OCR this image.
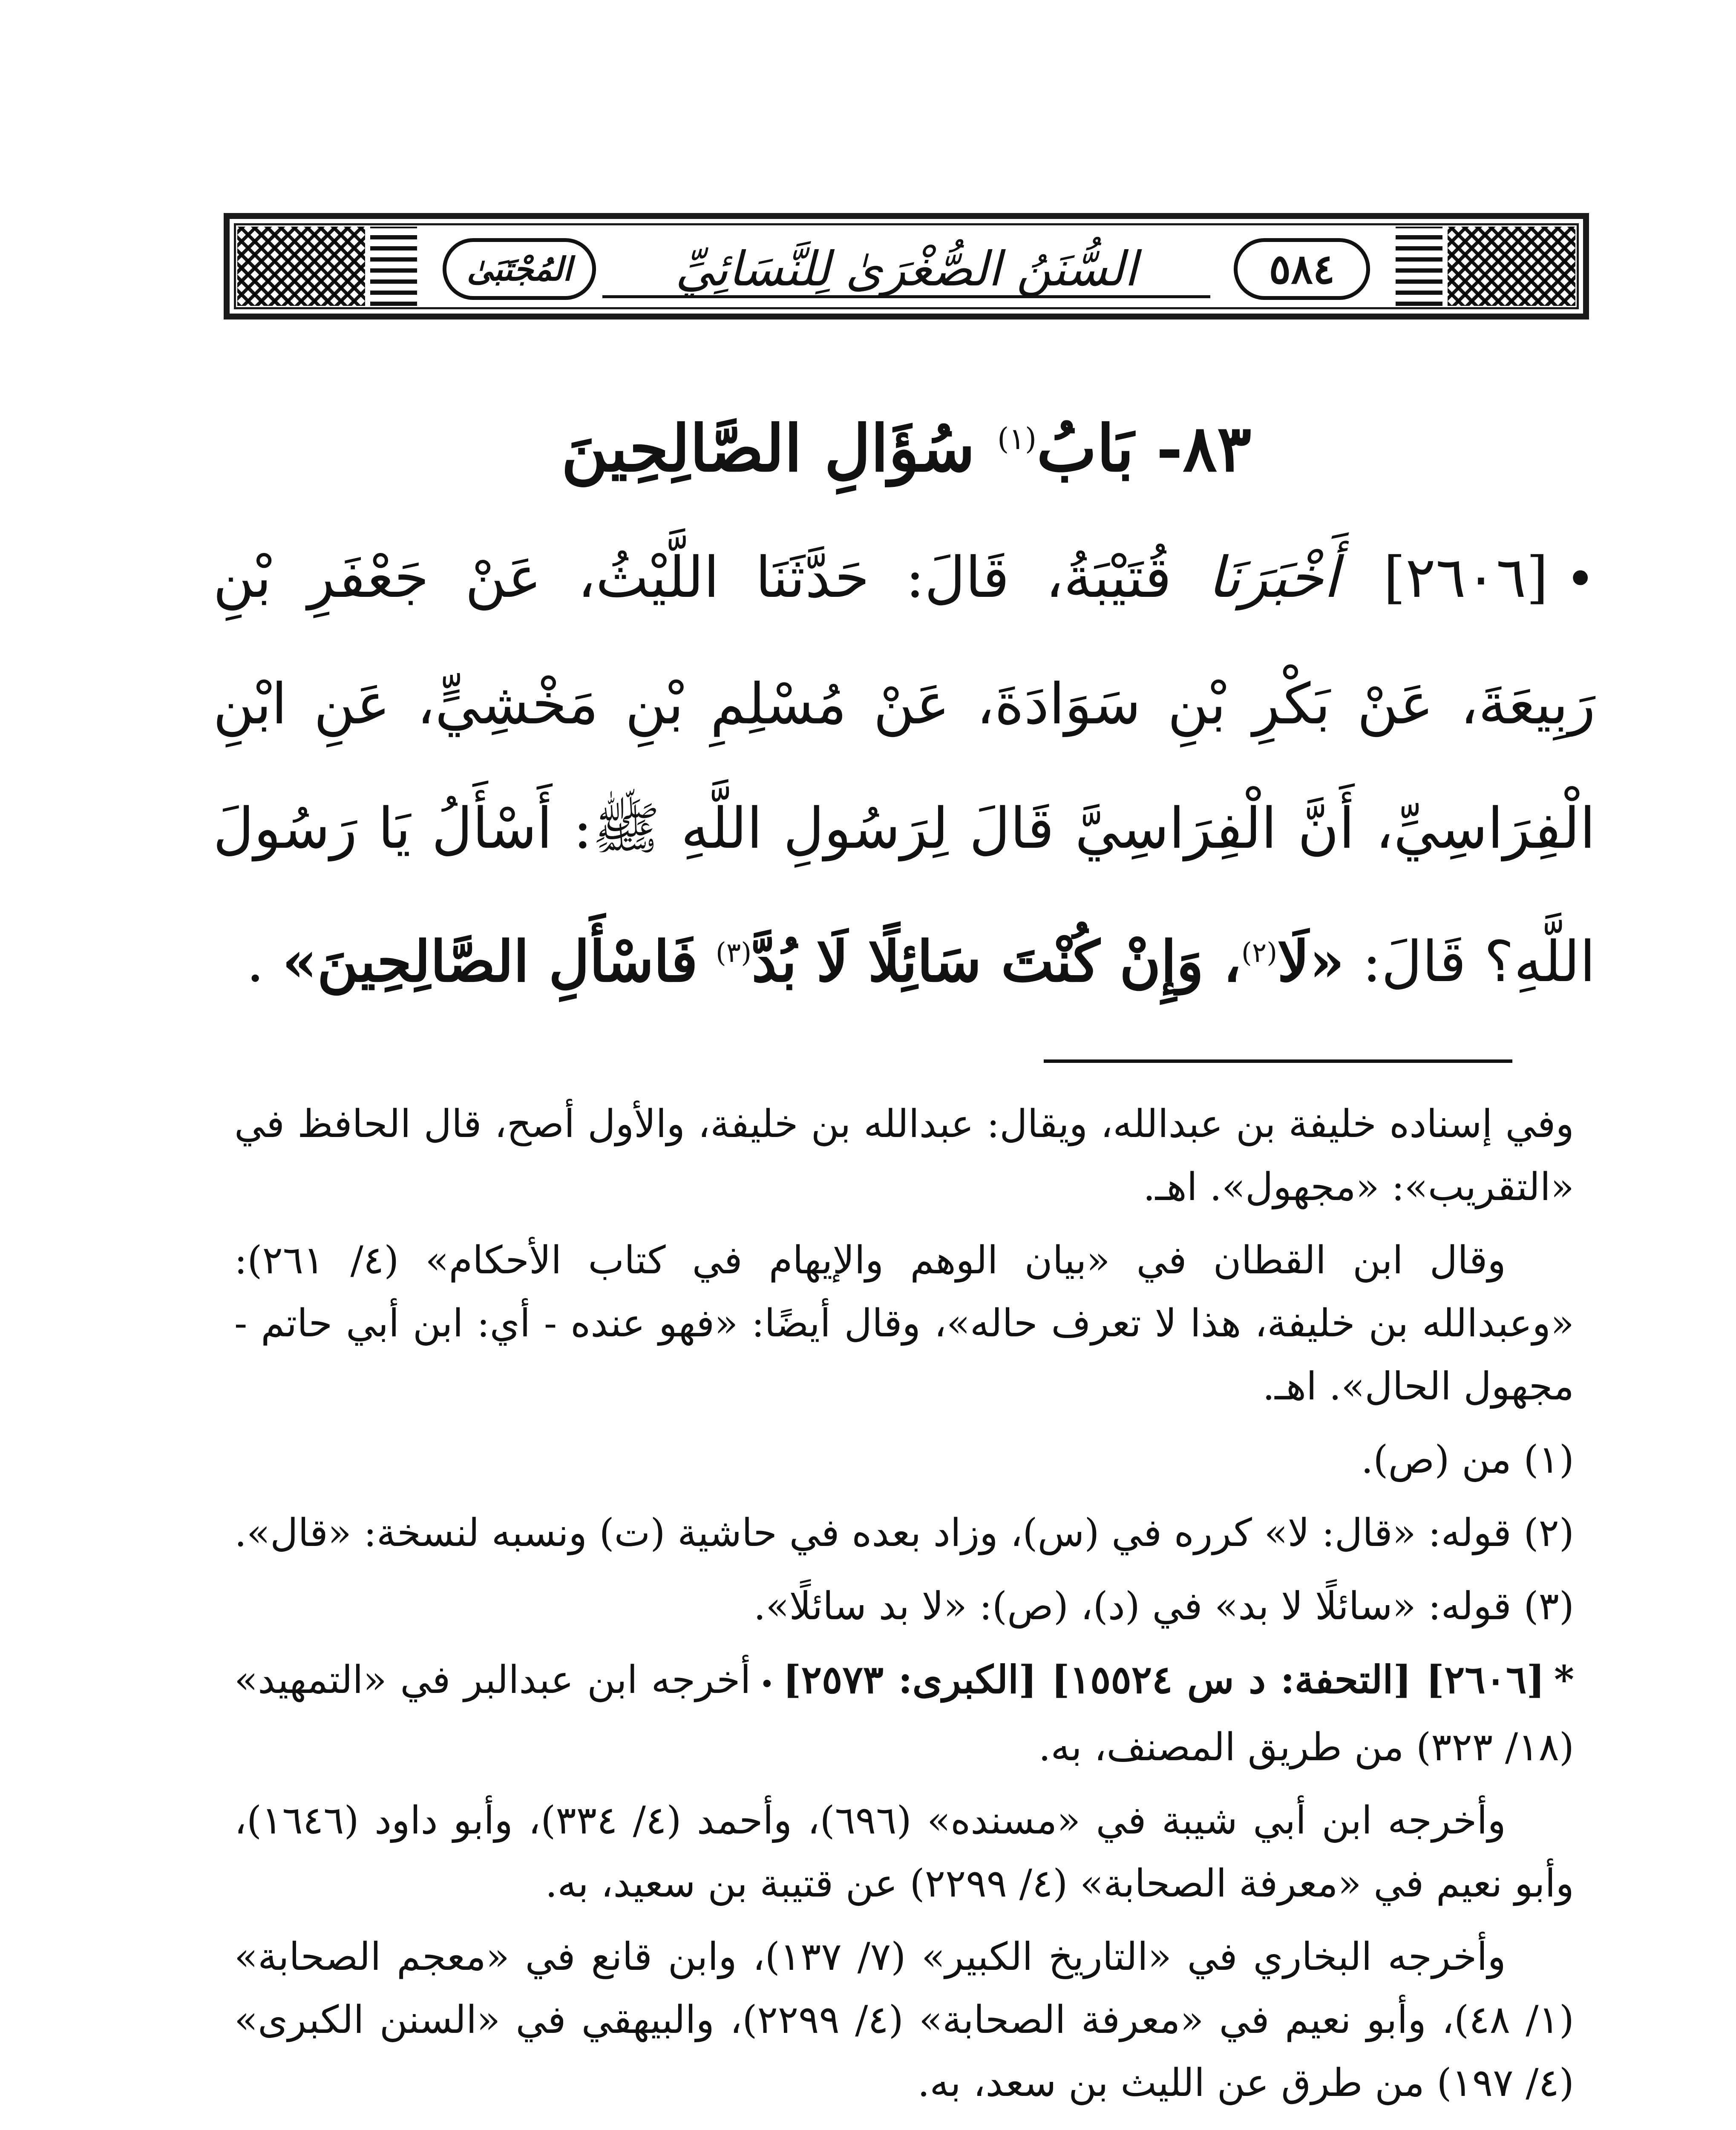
٥٨٤
السُّنَنُ الصُّغْرَىٰ لِلنَّسَائِيِّ
المُجْتَبَىٰ
٨٣- بَابُ$^{(١)}$ سُؤَالِ الصَّالِحِينَ
•[٢٦٠٦] أَخْبَرَنَا قُتَيْبَةُ، قَالَ: حَدَّثَنَا اللَّيْثُ، عَنْ جَعْفَرِ بْنِ رَبِيعَةَ، عَنْ بَكْرِ بْنِ سَوَادَةَ، عَنْ مُسْلِمِ بْنِ مَخْشِيٍّ، عَنِ ابْنِ الْفِرَاسِيِّ، أَنَّ الْفِرَاسِيَّ قَالَ لِرَسُولِ اللَّهِ ﷺ: أَسْأَلُ يَا رَسُولَ اللَّهِ؟ قَالَ: «لَا$^{(٢)}$، وَإِنْ كُنْتَ سَائِلًا لَا بُدَّ$^{(٣)}$ فَاسْأَلِ الصَّالِحِينَ» .

وفي إسناده خليفة بن عبدالله، ويقال: عبدالله بن خليفة، والأول أصح، قال الحافظ في «التقريب»: «مجهول». اهـ.

وقال ابن القطان في «بيان الوهم والإيهام في كتاب الأحكام» (٤/ ٢٦١): «وعبدالله بن خليفة، هذا لا تعرف حاله»، وقال أيضًا: «فهو عنده - أي: ابن أبي حاتم - مجهول الحال». اهـ.

(١) من (ص).

(٢) قوله: «قال: لا» كرره في (س)، وزاد بعده في حاشية (ت) ونسبه لنسخة: «قال».

(٣) قوله: «سائلًا لا بد» في (د)، (ص): «لا بد سائلًا».

*[٢٦٠٦] [التحفة: د س ١٥٥٢٤] [الكبرى: ٢٥٧٣]•أخرجه ابن عبدالبر في «التمهيد» (١٨/ ٣٢٣) من طريق المصنف، به.

وأخرجه ابن أبي شيبة في «مسنده» (٦٩٦)، وأحمد (٤/ ٣٣٤)، وأبو داود (١٦٤٦)، وأبو نعيم في «معرفة الصحابة» (٤/ ٢٢٩٩) عن قتيبة بن سعيد، به.

وأخرجه البخاري في «التاريخ الكبير» (٧/ ١٣٧)، وابن قانع في «معجم الصحابة» (١/ ٤٨)، وأبو نعيم في «معرفة الصحابة» (٤/ ٢٢٩٩)، والبيهقي في «السنن الكبرى» (٤/ ١٩٧) من طرق عن الليث بن سعد، به.
